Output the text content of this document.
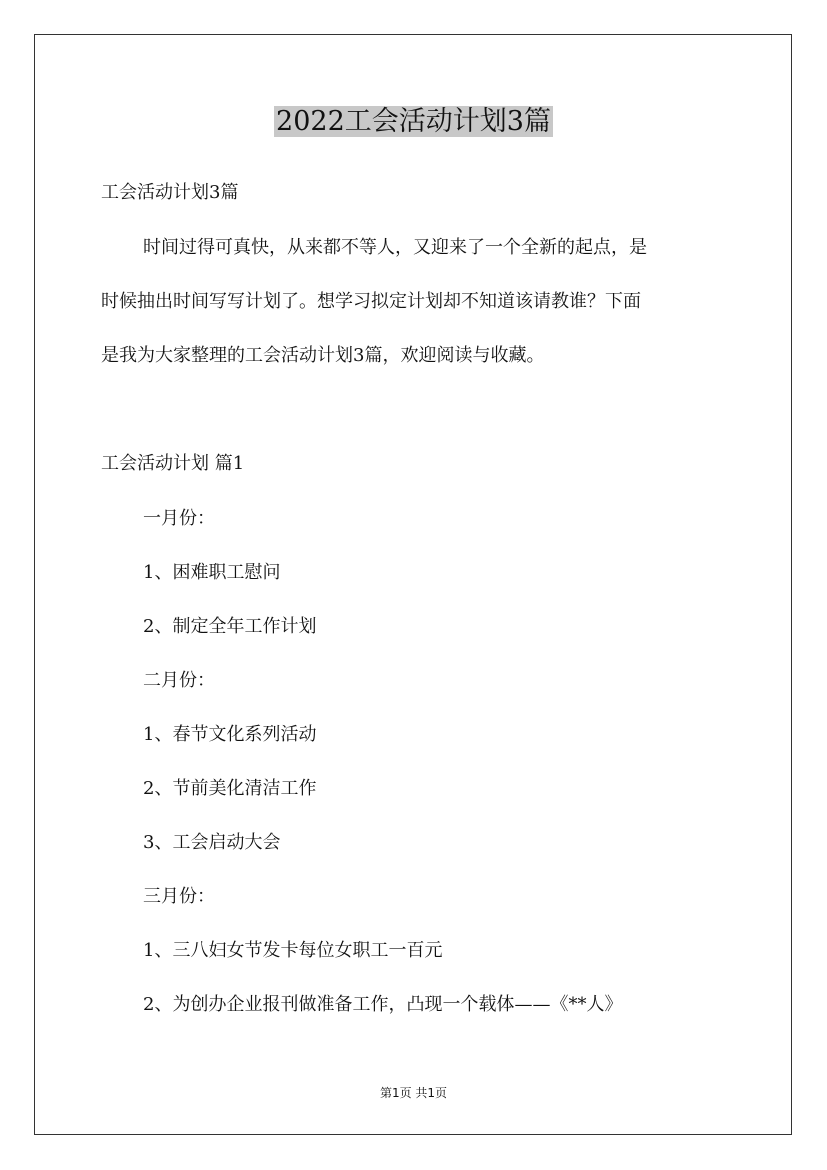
2022工会活动计划3篇

工会活动计划3篇

时间过得可真快，从来都不等人，又迎来了一个全新的起点，是

时候抽出时间写写计划了。想学习拟定计划却不知道该请教谁？下面

是我为大家整理的工会活动计划3篇，欢迎阅读与收藏。

工会活动计划 篇1

一月份：

1、困难职工慰问

2、制定全年工作计划

二月份：

1、春节文化系列活动

2、节前美化清洁工作

3、工会启动大会

三月份：

1、三八妇女节发卡每位女职工一百元

2、为创办企业报刊做准备工作，凸现一个载体——《**人》

第1页 共1页
